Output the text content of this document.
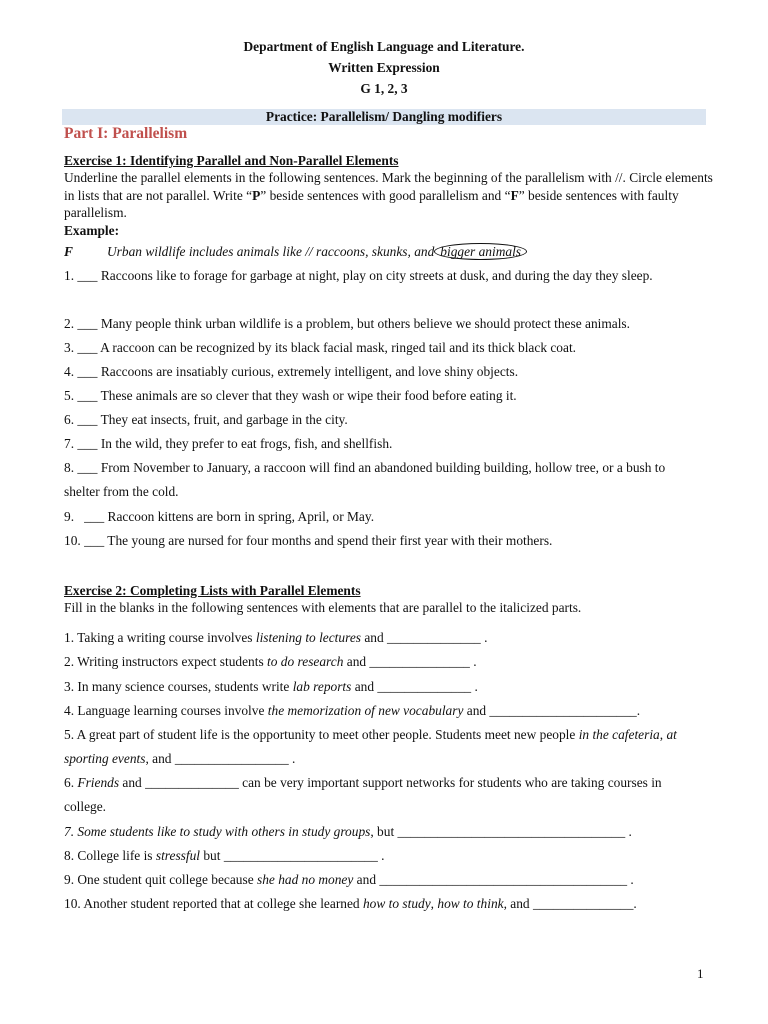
Department of English Language and Literature.
Written Expression
G 1, 2, 3
Practice: Parallelism/ Dangling modifiers
Part I: Parallelism
Exercise 1: Identifying Parallel and Non-Parallel Elements
Underline the parallel elements in the following sentences. Mark the beginning of the parallelism with //. Circle elements in lists that are not parallel. Write “P” beside sentences with good parallelism and “F” beside sentences with faulty parallelism.
Example:
F	Urban wildlife includes animals like // raccoons, skunks, and bigger animals
1. ___ Raccoons like to forage for garbage at night, play on city streets at dusk, and during the day they sleep.
2. ___ Many people think urban wildlife is a problem, but others believe we should protect these animals.
3. ___ A raccoon can be recognized by its black facial mask, ringed tail and its thick black coat.
4. ___ Raccoons are insatiably curious, extremely intelligent, and love shiny objects.
5. ___ These animals are so clever that they wash or wipe their food before eating it.
6. ___ They eat insects, fruit, and garbage in the city.
7. ___ In the wild, they prefer to eat frogs, fish, and shellfish.
8. ___ From November to January, a raccoon will find an abandoned building building, hollow tree, or a bush to shelter from the cold.
9.   ___ Raccoon kittens are born in spring, April, or May.
10. ___ The young are nursed for four months and spend their first year with their mothers.
Exercise 2: Completing Lists with Parallel Elements
Fill in the blanks in the following sentences with elements that are parallel to the italicized parts.
1. Taking a writing course involves listening to lectures and ______________ .
2. Writing instructors expect students to do research and _______________ .
3. In many science courses, students write lab reports and ______________ .
4. Language learning courses involve the memorization of new vocabulary and ______________________.
5. A great part of student life is the opportunity to meet other people. Students meet new people in the cafeteria, at sporting events, and _________________ .
6. Friends and ______________ can be very important support networks for students who are taking courses in college.
7. Some students like to study with others in study groups, but __________________________________ .
8. College life is stressful but _______________________ .
9. One student quit college because she had no money and _____________________________________ .
10. Another student reported that at college she learned how to study, how to think, and _______________.
1
